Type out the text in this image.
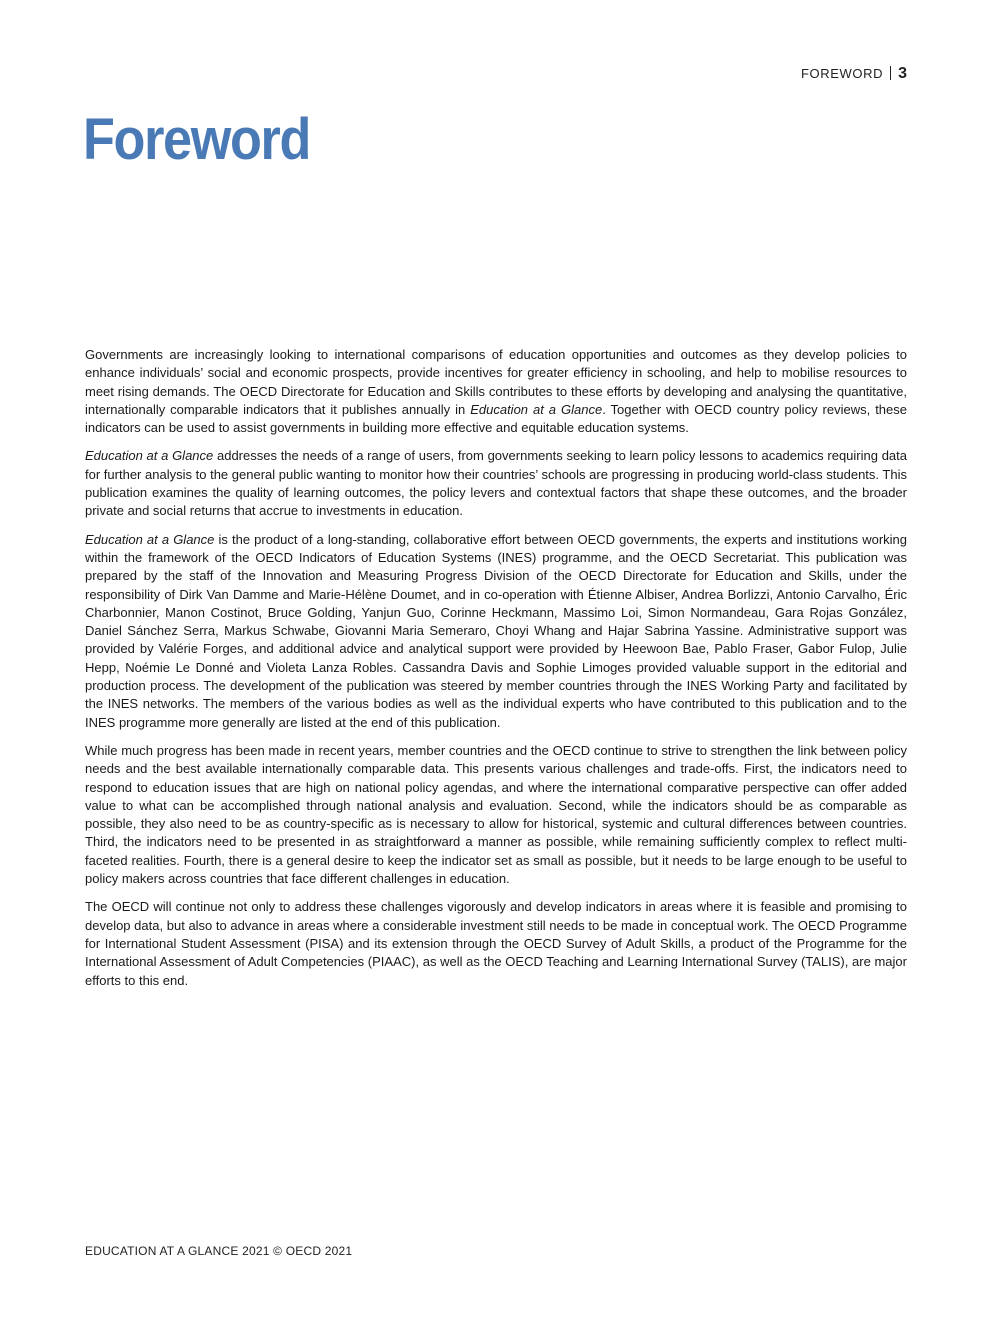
FOREWORD 3
Foreword

Governments are increasingly looking to international comparisons of education opportunities and outcomes as they develop policies to enhance individuals’ social and economic prospects, provide incentives for greater efficiency in schooling, and help to mobilise resources to meet rising demands. The OECD Directorate for Education and Skills contributes to these efforts by developing and analysing the quantitative, internationally comparable indicators that it publishes annually in Education at a Glance. Together with OECD country policy reviews, these indicators can be used to assist governments in building more effective and equitable education systems.

Education at a Glance addresses the needs of a range of users, from governments seeking to learn policy lessons to academics requiring data for further analysis to the general public wanting to monitor how their countries’ schools are progressing in producing world-class students. This publication examines the quality of learning outcomes, the policy levers and contextual factors that shape these outcomes, and the broader private and social returns that accrue to investments in education.

Education at a Glance is the product of a long-standing, collaborative effort between OECD governments, the experts and institutions working within the framework of the OECD Indicators of Education Systems (INES) programme, and the OECD Secretariat. This publication was prepared by the staff of the Innovation and Measuring Progress Division of the OECD Directorate for Education and Skills, under the responsibility of Dirk Van Damme and Marie-Hélène Doumet, and in co-operation with Étienne Albiser, Andrea Borlizzi, Antonio Carvalho, Éric Charbonnier, Manon Costinot, Bruce Golding, Yanjun Guo, Corinne Heckmann, Massimo Loi, Simon Normandeau, Gara Rojas González, Daniel Sánchez Serra, Markus Schwabe, Giovanni Maria Semeraro, Choyi Whang and Hajar Sabrina Yassine. Administrative support was provided by Valérie Forges, and additional advice and analytical support were provided by Heewoon Bae, Pablo Fraser, Gabor Fulop, Julie Hepp, Noémie Le Donné and Violeta Lanza Robles. Cassandra Davis and Sophie Limoges provided valuable support in the editorial and production process. The development of the publication was steered by member countries through the INES Working Party and facilitated by the INES networks. The members of the various bodies as well as the individual experts who have contributed to this publication and to the INES programme more generally are listed at the end of this publication.

While much progress has been made in recent years, member countries and the OECD continue to strive to strengthen the link between policy needs and the best available internationally comparable data. This presents various challenges and trade-offs. First, the indicators need to respond to education issues that are high on national policy agendas, and where the international comparative perspective can offer added value to what can be accomplished through national analysis and evaluation. Second, while the indicators should be as comparable as possible, they also need to be as country-specific as is necessary to allow for historical, systemic and cultural differences between countries. Third, the indicators need to be presented in as straightforward a manner as possible, while remaining sufficiently complex to reflect multi-faceted realities. Fourth, there is a general desire to keep the indicator set as small as possible, but it needs to be large enough to be useful to policy makers across countries that face different challenges in education.

The OECD will continue not only to address these challenges vigorously and develop indicators in areas where it is feasible and promising to develop data, but also to advance in areas where a considerable investment still needs to be made in conceptual work. The OECD Programme for International Student Assessment (PISA) and its extension through the OECD Survey of Adult Skills, a product of the Programme for the International Assessment of Adult Competencies (PIAAC), as well as the OECD Teaching and Learning International Survey (TALIS), are major efforts to this end.

EDUCATION AT A GLANCE 2021 © OECD 2021
